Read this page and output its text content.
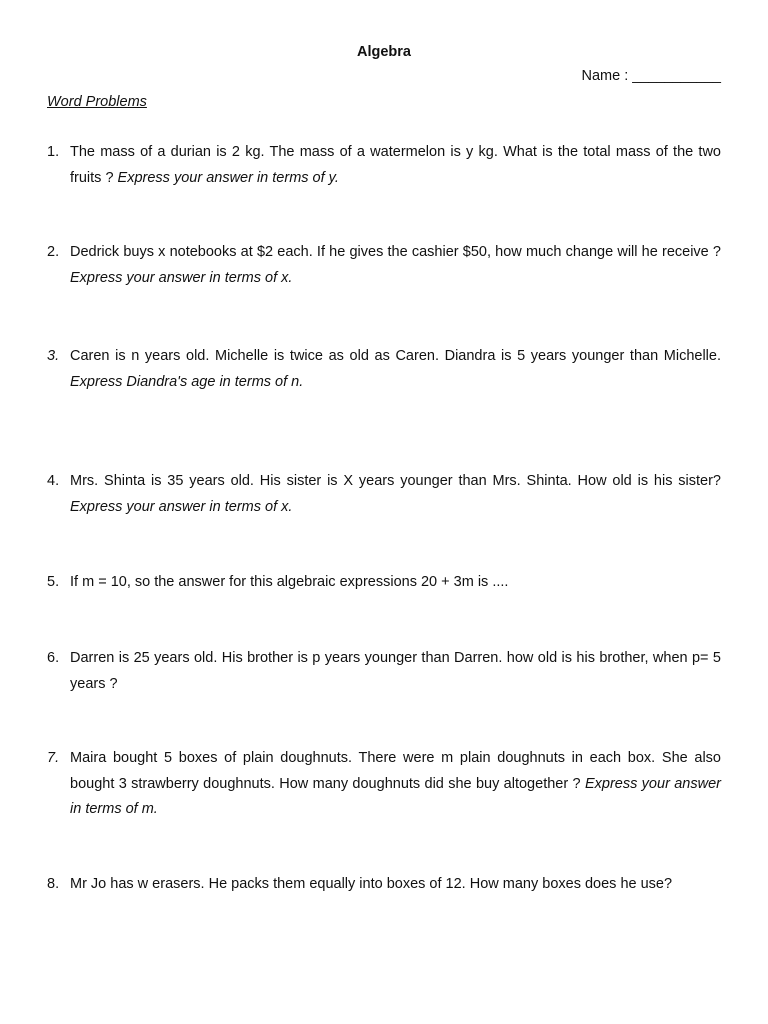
Algebra
Name : ___________
Word Problems
1. The mass of a durian is 2 kg. The mass of a watermelon is y kg. What is the total mass of the two fruits ? Express your answer in terms of y.
2. Dedrick buys x notebooks at $2 each. If he gives the cashier $50, how much change will he receive ? Express your answer in terms of x.
3. Caren is n years old. Michelle is twice as old as Caren. Diandra is 5 years younger than Michelle. Express Diandra's age in terms of n.
4. Mrs. Shinta is 35 years old. His sister is X years younger than Mrs. Shinta. How old is his sister? Express your answer in terms of x.
5. If m = 10, so the answer for this algebraic expressions 20 + 3m is ....
6. Darren is 25 years old. His brother is p years younger than Darren. how old is his brother, when p= 5 years ?
7. Maira bought 5 boxes of plain doughnuts. There were m plain doughnuts in each box. She also bought 3 strawberry doughnuts. How many doughnuts did she buy altogether ? Express your answer in terms of m.
8. Mr Jo has w erasers. He packs them equally into boxes of 12. How many boxes does he use?
